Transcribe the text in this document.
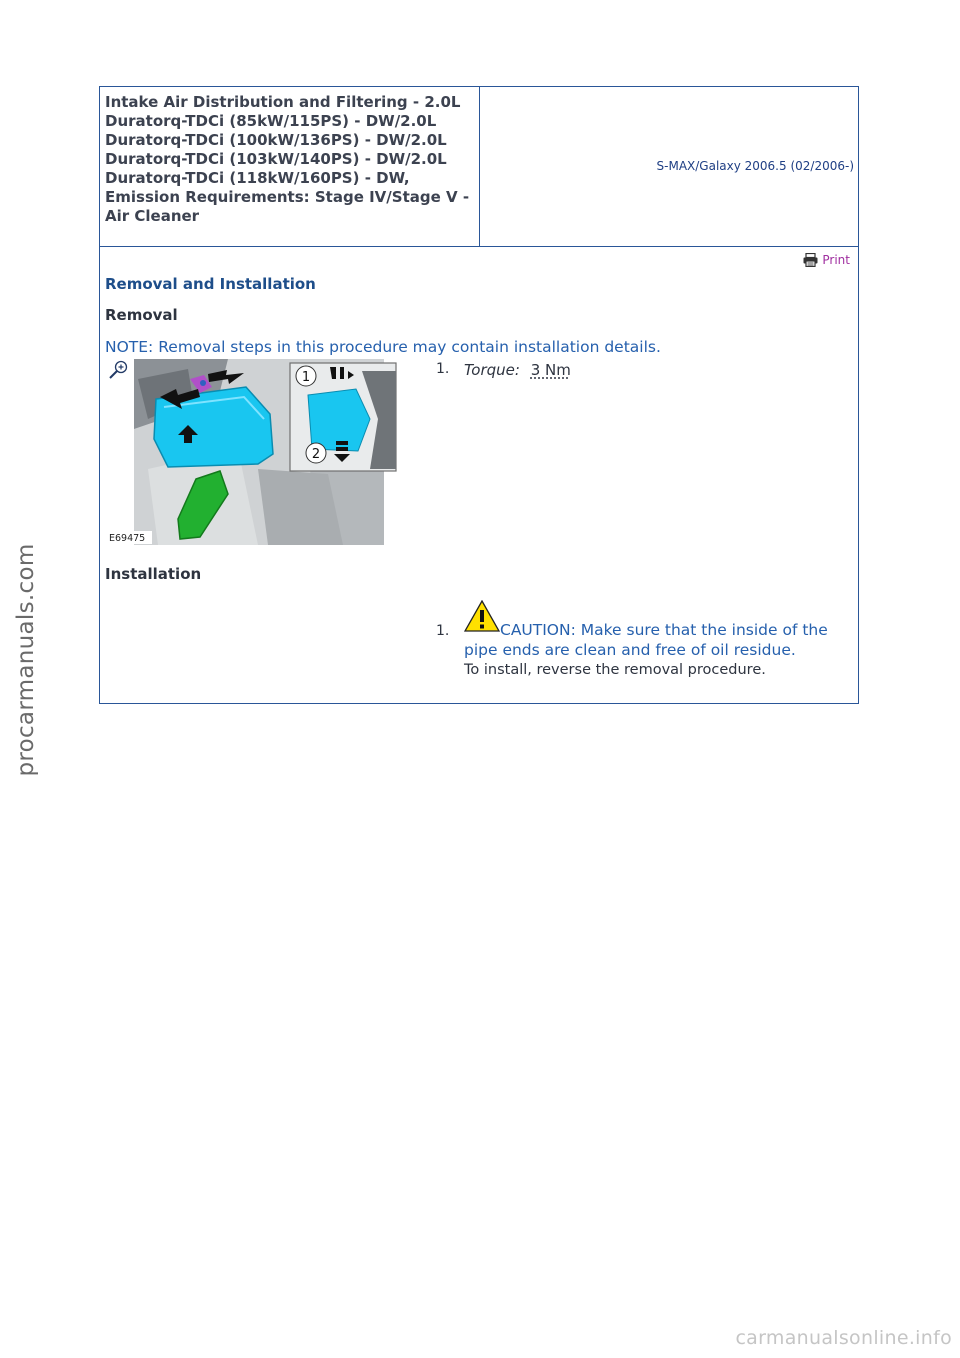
procarmanuals.com
Intake Air Distribution and Filtering - 2.0L Duratorq-TDCi (85kW/115PS) - DW/2.0L Duratorq-TDCi (100kW/136PS) - DW/2.0L Duratorq-TDCi (103kW/140PS) - DW/2.0L Duratorq-TDCi (118kW/160PS) - DW, Emission Requirements: Stage IV/Stage V - Air Cleaner
S-MAX/Galaxy 2006.5 (02/2006-)
Print
Removal and Installation
Removal
NOTE: Removal steps in this procedure may contain installation details.
1
2
E69475
1. Torque: 3 Nm
Installation
1.	CAUTION: Make sure that the inside of the pipe ends are clean and free of oil residue.

To install, reverse the removal procedure.

carmanualsonline.info
